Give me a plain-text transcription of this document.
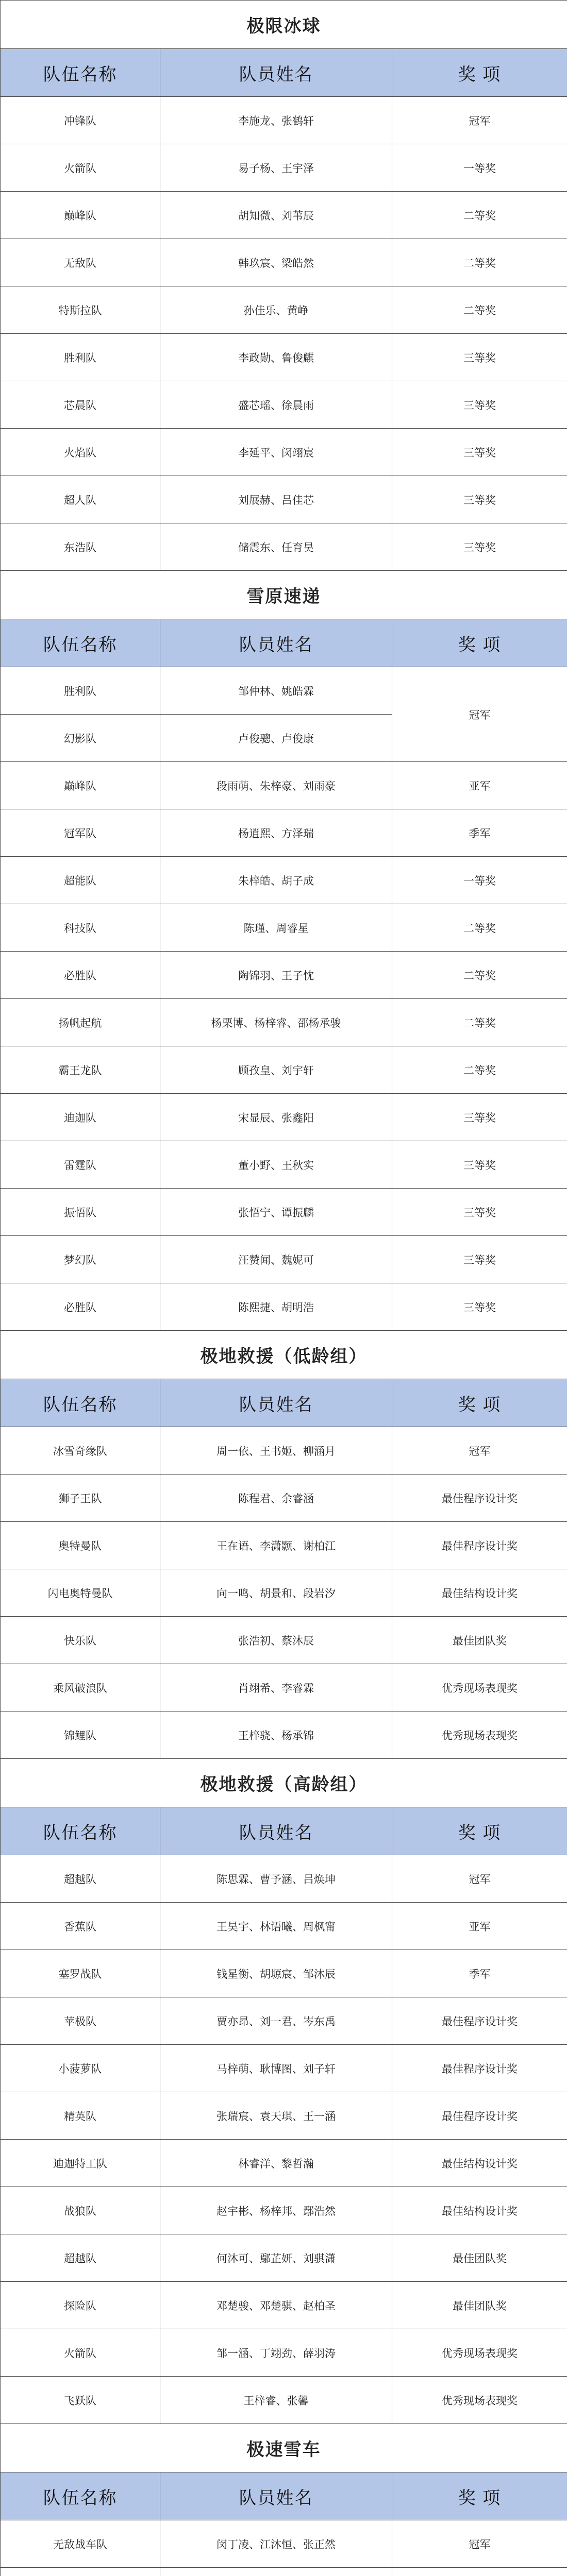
极限冰球		
队伍名称	队员姓名	奖 项
冲锋队	李施龙、张鹤轩	冠军
火箭队	易子杨、王宇泽	一等奖
巅峰队	胡知微、刘苇辰	二等奖
无敌队	韩玖宸、梁皓然	二等奖
特斯拉队	孙佳乐、黄峥	二等奖
胜利队	李政勋、鲁俊麒	三等奖
芯晨队	盛芯瑶、徐晨雨	三等奖
火焰队	李延平、闵翊宸	三等奖
超人队	刘展赫、吕佳芯	三等奖
东浩队	储震东、任育昊	三等奖
雪原速递		
队伍名称	队员姓名	奖 项
胜利队	邹仲林、姚皓霖	冠军
幻影队	卢俊骢、卢俊康	
巅峰队	段雨萌、朱梓豪、刘雨豪	亚军
冠军队	杨逍熙、方泽瑞	季军
超能队	朱梓皓、胡子成	一等奖
科技队	陈瑾、周睿星	二等奖
必胜队	陶锦羽、王子忱	二等奖
扬帆起航	杨栗博、杨梓睿、邵杨承骏	二等奖
霸王龙队	顾孜皇、刘宇轩	二等奖
迪迦队	宋显辰、张鑫阳	三等奖
雷霆队	董小野、王秋实	三等奖
振悟队	张悟宁、谭振麟	三等奖
梦幻队	汪赞闻、魏妮可	三等奖
必胜队	陈熙捷、胡明浩	三等奖
极地救援（低龄组）		
队伍名称	队员姓名	奖 项
冰雪奇缘队	周一依、王书姬、柳涵月	冠军
狮子王队	陈程君、余睿涵	最佳程序设计奖
奥特曼队	王在语、李潇颢、谢柏江	最佳程序设计奖
闪电奥特曼队	向一鸣、胡景和、段岩汐	最佳结构设计奖
快乐队	张浩初、蔡沐辰	最佳团队奖
乘风破浪队	肖翊希、李睿霖	优秀现场表现奖
锦鲤队	王梓骁、杨承锦	优秀现场表现奖
极地救援（高龄组）		
队伍名称	队员姓名	奖 项
超越队	陈思霖、曹予涵、吕焕坤	冠军
香蕉队	王昊宇、林语曦、周枫甯	亚军
塞罗战队	钱星衡、胡塬宸、邹沐辰	季军
苹极队	贾亦昂、刘一君、岑东禹	最佳程序设计奖
小菠萝队	马梓萌、耿博图、刘子轩	最佳程序设计奖
精英队	张瑞宸、袁天琪、王一涵	最佳程序设计奖
迪迦特工队	林睿洋、黎哲瀚	最佳结构设计奖
战狼队	赵宇彬、杨梓邦、鄢浩然	最佳结构设计奖
超越队	何沐可、鄢芷妍、刘骐潇	最佳团队奖
探险队	邓楚骏、邓楚骐、赵柏圣	最佳团队奖
火箭队	邹一涵、丁翊劲、薛羽涛	优秀现场表现奖
飞跃队	王梓睿、张馨	优秀现场表现奖
极速雪车		
队伍名称	队员姓名	奖 项
无敌战车队	闵丁凌、江沐恒、张正然	冠军
